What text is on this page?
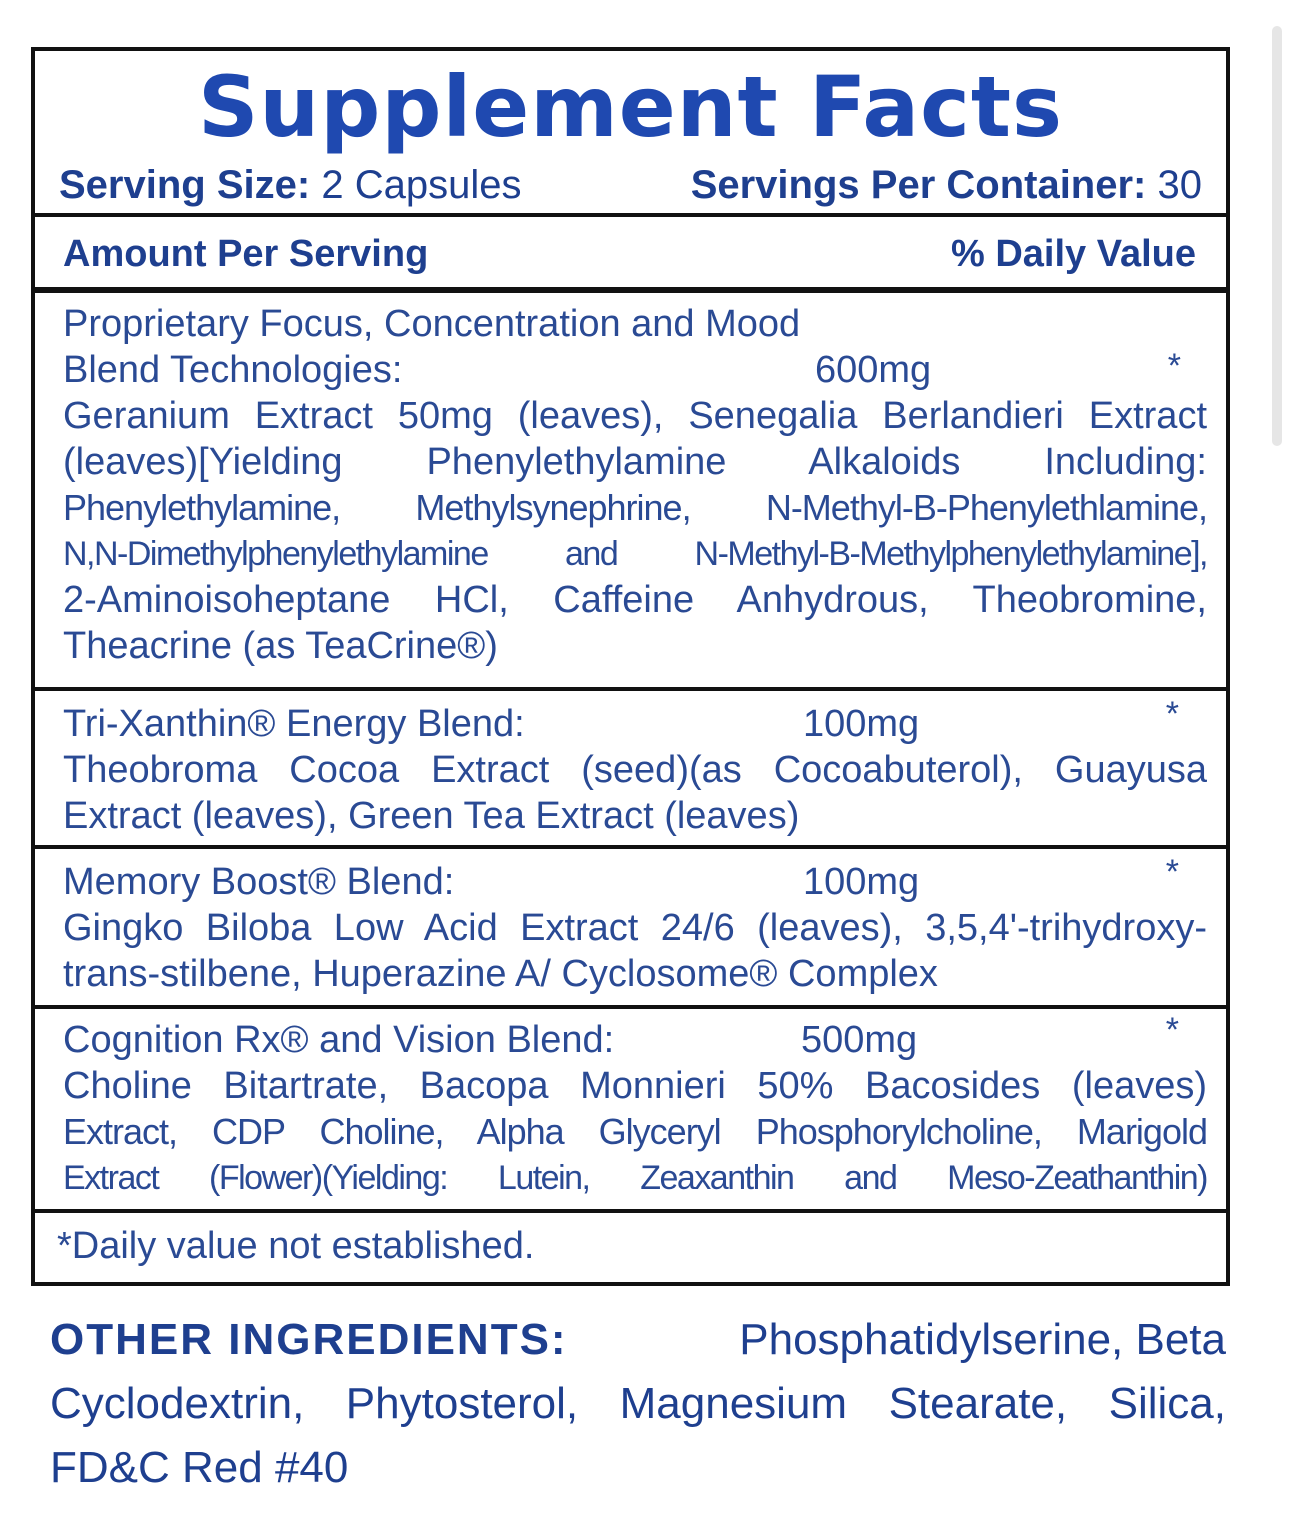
Supplement Facts
Serving Size: 2 Capsules	Servings Per Container: 30
Amount Per Serving	% Daily Value
Proprietary Focus, Concentration and Mood
Blend Technologies:	600mg	*
Geranium Extract 50mg (leaves), Senegalia Berlandieri Extract
(leaves)[Yielding Phenylethylamine Alkaloids Including:
Phenylethylamine, Methylsynephrine, N-Methyl-B-Phenylethlamine,
N,N-Dimethylphenylethylamine and N-Methyl-B-Methylphenylethylamine],
2-Aminoisoheptane HCl, Caffeine Anhydrous, Theobromine,
Theacrine (as TeaCrine®)
Tri-Xanthin® Energy Blend:	100mg	*
Theobroma Cocoa Extract (seed)(as Cocoabuterol), Guayusa
Extract (leaves), Green Tea Extract (leaves)
Memory Boost® Blend:	100mg	*
Gingko Biloba Low Acid Extract 24/6 (leaves), 3,5,4'-trihydroxy-
trans-stilbene, Huperazine A/ Cyclosome® Complex
Cognition Rx® and Vision Blend:	500mg	*
Choline Bitartrate, Bacopa Monnieri 50% Bacosides (leaves)
Extract, CDP Choline, Alpha Glyceryl Phosphorylcholine, Marigold
Extract (Flower)(Yielding: Lutein, Zeaxanthin and Meso-Zeathanthin)
*Daily value not established.
OTHER INGREDIENTS:	Phosphatidylserine, Beta
Cyclodextrin, Phytosterol, Magnesium Stearate, Silica,
FD&C Red #40
